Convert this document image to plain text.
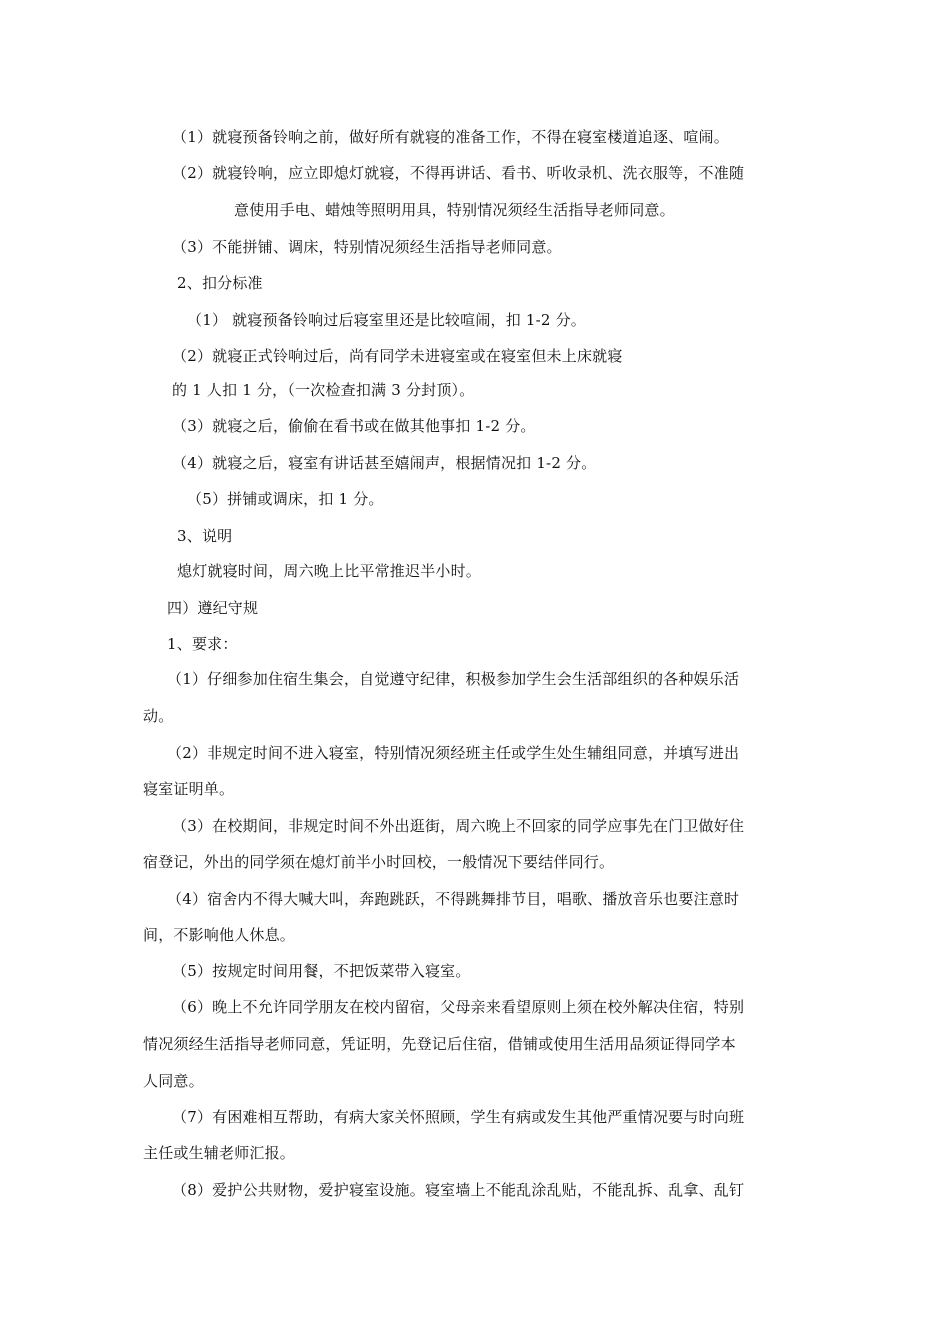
（1）就寝预备铃响之前，做好所有就寝的准备工作，不得在寝室楼道追逐、喧闹。
（2）就寝铃响，应立即熄灯就寝，不得再讲话、看书、听收录机、洗衣服等，不准随
意使用手电、蜡烛等照明用具，特别情况须经生活指导老师同意。
（3）不能拼铺、调床，特别情况须经生活指导老师同意。
2、扣分标准
（1） 就寝预备铃响过后寝室里还是比较喧闹，扣 1-2 分。
（2）就寝正式铃响过后，尚有同学未进寝室或在寝室但未上床就寝
的 1 人扣 1 分，（一次检查扣满 3 分封顶）。
（3）就寝之后，偷偷在看书或在做其他事扣 1-2 分。
（4）就寝之后，寝室有讲话甚至嬉闹声，根据情况扣 1-2 分。
（5）拼铺或调床，扣 1 分。
3、说明
熄灯就寝时间，周六晚上比平常推迟半小时。
四）遵纪守规
1、要求：
（1）仔细参加住宿生集会，自觉遵守纪律，积极参加学生会生活部组织的各种娱乐活
动。
（2）非规定时间不进入寝室，特别情况须经班主任或学生处生辅组同意，并填写进出
寝室证明单。
（3）在校期间，非规定时间不外出逛街，周六晚上不回家的同学应事先在门卫做好住
宿登记，外出的同学须在熄灯前半小时回校，一般情况下要结伴同行。
（4）宿舍内不得大喊大叫，奔跑跳跃，不得跳舞排节目，唱歌、播放音乐也要注意时
间，不影响他人休息。
（5）按规定时间用餐，不把饭菜带入寝室。
（6）晚上不允许同学朋友在校内留宿，父母亲来看望原则上须在校外解决住宿，特别
情况须经生活指导老师同意，凭证明，先登记后住宿，借铺或使用生活用品须证得同学本
人同意。
（7）有困难相互帮助，有病大家关怀照顾，学生有病或发生其他严重情况要与时向班
主任或生辅老师汇报。
（8）爱护公共财物，爱护寝室设施。寝室墙上不能乱涂乱贴，不能乱拆、乱拿、乱钉
